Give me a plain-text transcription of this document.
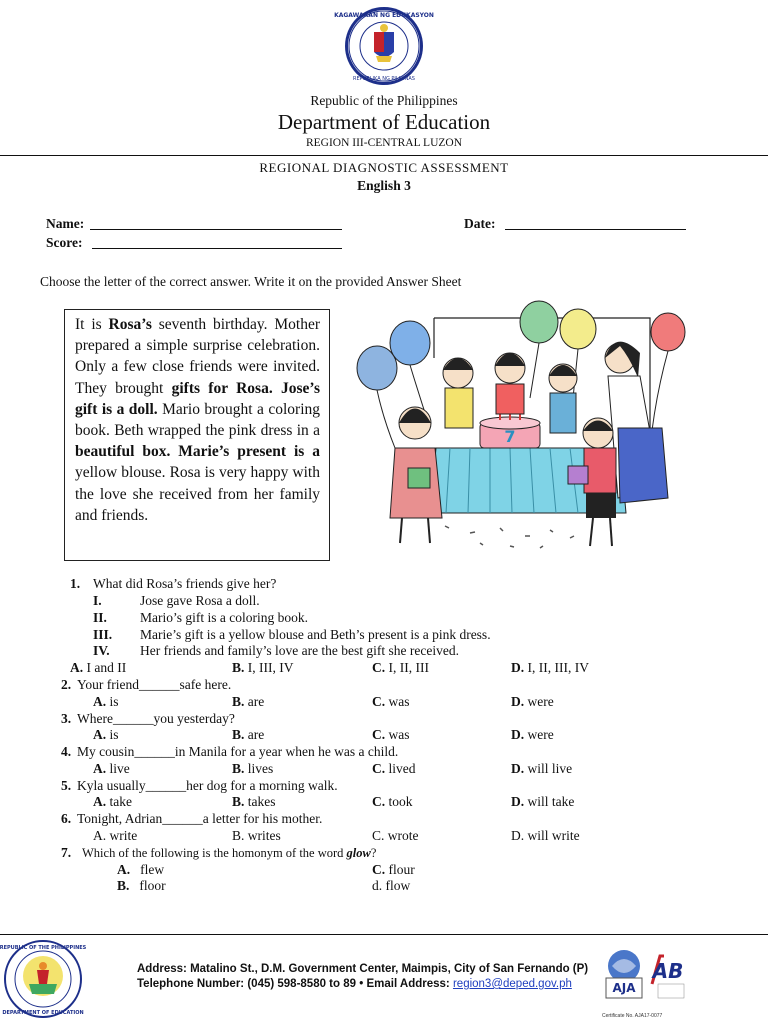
KAGAWARAN NG EDUKASYON
REPUBLIKA NG PILIPINAS
Republic of the Philippines
Department of Education
REGION III-CENTRAL LUZON
REGIONAL DIAGNOSTIC ASSESSMENT
English 3
Name:
Score:
Date:
Choose the letter of the correct answer. Write it on the provided Answer Sheet
It is Rosa’s seventh birthday. Mother prepared a simple surprise celebration. Only a few close friends were invited. They brought gifts for Rosa. Jose’s gift is a doll. Mario brought a coloring book. Beth wrapped the pink dress in a beautiful box. Marie’s present is a yellow blouse. Rosa is very happy with the love she received from her family and friends.
7
1. What did Rosa’s friends give her?
I.	Jose gave Rosa a doll.
II. Mario’s gift is a coloring book.
III. Marie’s gift is a yellow blouse and Beth’s present is a pink dress.
IV. Her friends and family’s love are the best gift she received.
A. I and II	B. I, III, IV	C. I, II, III	D. I, II, III, IV
2. Your friend______safe here.
A. is	B. are	C. was	D. were
3. Where______you yesterday?
A. is	B. are	C. was	D. were
4. My cousin______in Manila for a year when he was a child.
A. live	B. lives	C. lived	D. will live
5. Kyla usually______her dog for a morning walk.
A. take	B. takes	C. took	D. will take
6. Tonight, Adrian______a letter for his mother.
A. write	B. writes	C. wrote	D. will write
7. Which of the following is the homonym of the word glow?
A. flew	C. flour
B. floor	d. flow
REPUBLIC OF THE PHILIPPINES
DEPARTMENT OF EDUCATION
Address: Matalino St., D.M. Government Center, Maimpis, City of San Fernando (P)
Telephone Number: (045) 598-8580 to 89 • Email Address: region3@deped.gov.ph	AJA
AB
Certificate No. AJA17-0077
